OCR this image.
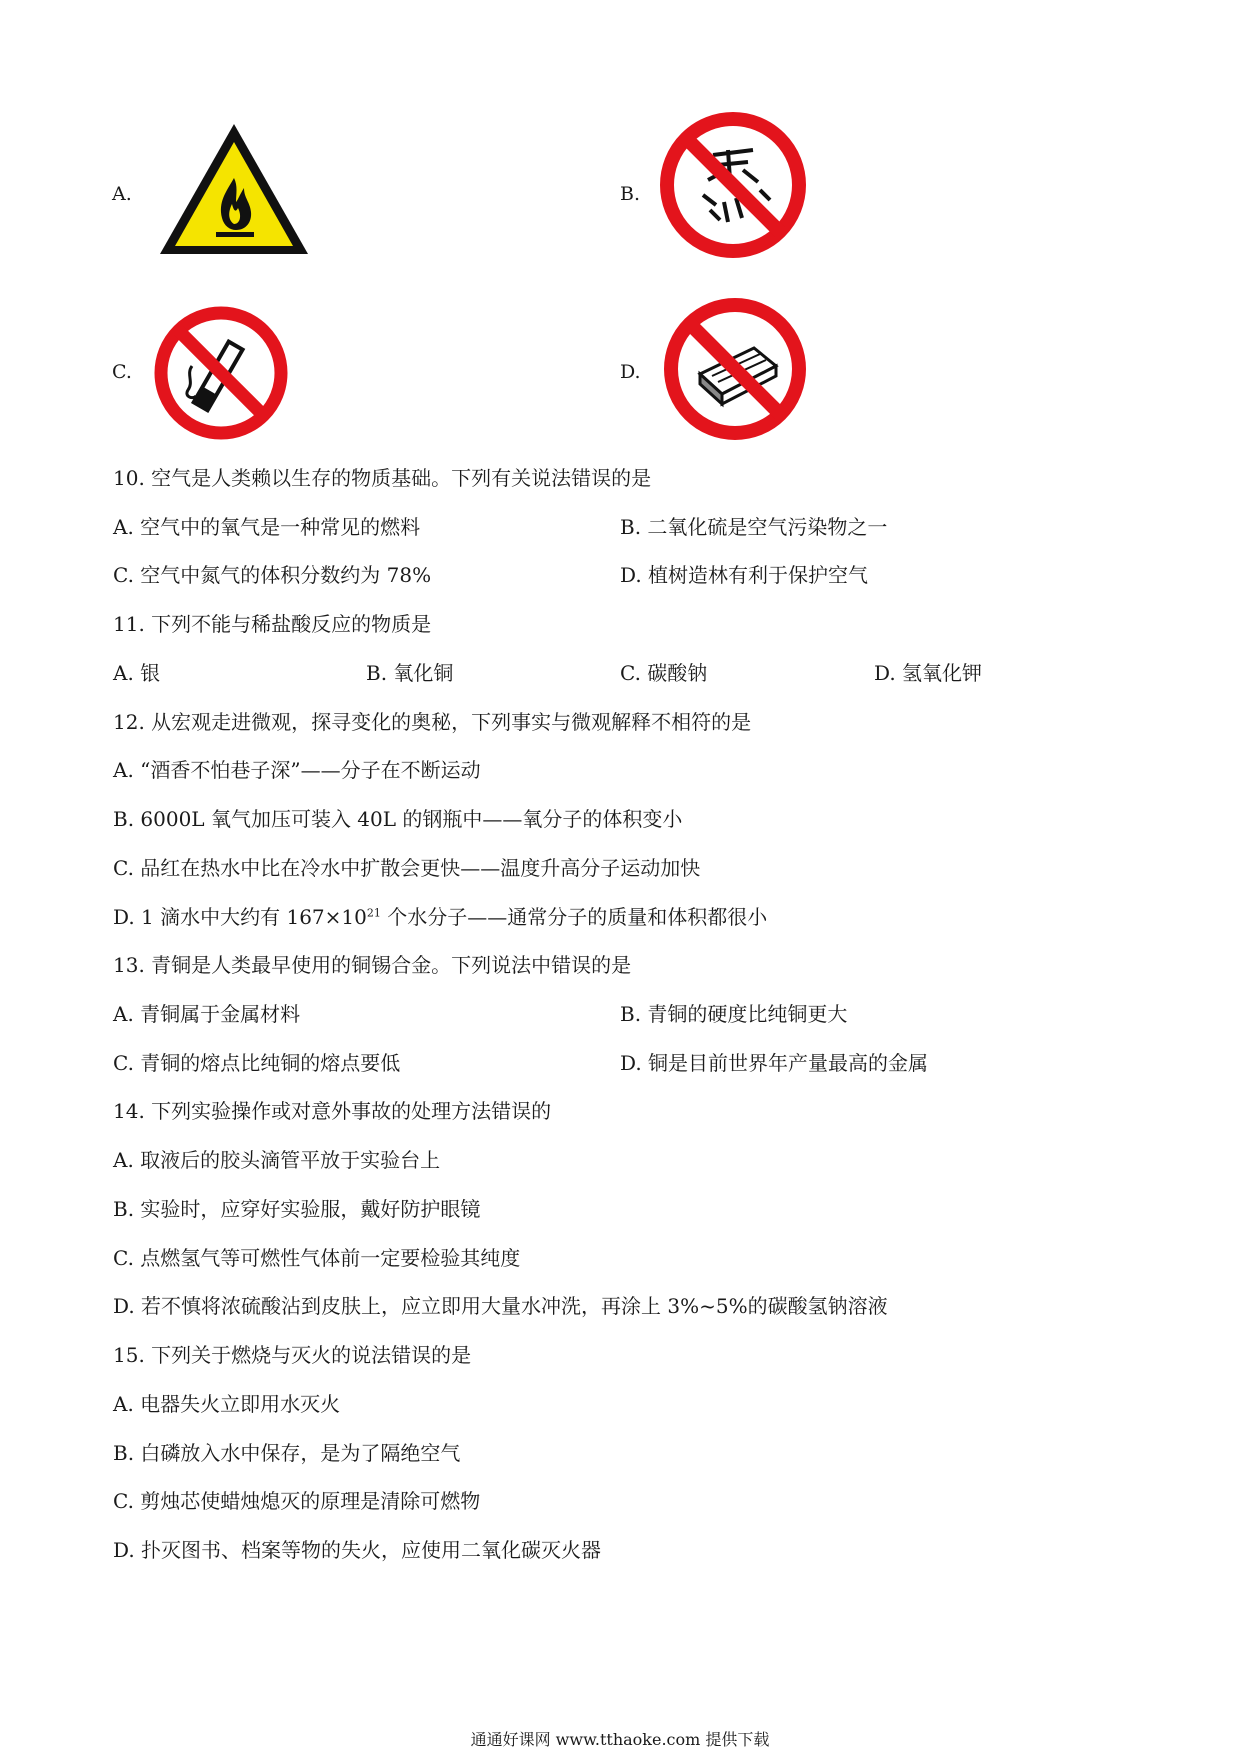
A.	B.
C.	D.
10. 空气是人类赖以生存的物质基础。下列有关说法错误的是
A. 空气中的氧气是一种常见的燃料	B. 二氧化硫是空气污染物之一
C. 空气中氮气的体积分数约为 78%	D. 植树造林有利于保护空气
11. 下列不能与稀盐酸反应的物质是
A. 银	B. 氧化铜	C. 碳酸钠	D. 氢氧化钾
12. 从宏观走进微观，探寻变化的奥秘，下列事实与微观解释不相符的是
A. “酒香不怕巷子深”——分子在不断运动
B. 6000L 氧气加压可装入 40L 的钢瓶中——氧分子的体积变小
C. 品红在热水中比在冷水中扩散会更快——温度升高分子运动加快
D. 1 滴水中大约有 $167\times 10^{21}$ 个水分子——通常分子的质量和体积都很小
13. 青铜是人类最早使用的铜锡合金。下列说法中错误的是
A. 青铜属于金属材料	B. 青铜的硬度比纯铜更大
C. 青铜的熔点比纯铜的熔点要低	D. 铜是目前世界年产量最高的金属
14. 下列实验操作或对意外事故的处理方法错误的
A. 取液后的胶头滴管平放于实验台上
B. 实验时，应穿好实验服，戴好防护眼镜
C. 点燃氢气等可燃性气体前一定要检验其纯度
D. 若不慎将浓硫酸沾到皮肤上，应立即用大量水冲洗，再涂上 3%~5%的碳酸氢钠溶液
15. 下列关于燃烧与灭火的说法错误的是
A. 电器失火立即用水灭火
B. 白磷放入水中保存，是为了隔绝空气
C. 剪烛芯使蜡烛熄灭的原理是清除可燃物
D. 扑灭图书、档案等物的失火，应使用二氧化碳灭火器
通通好课网 www.tthaoke.com 提供下载
